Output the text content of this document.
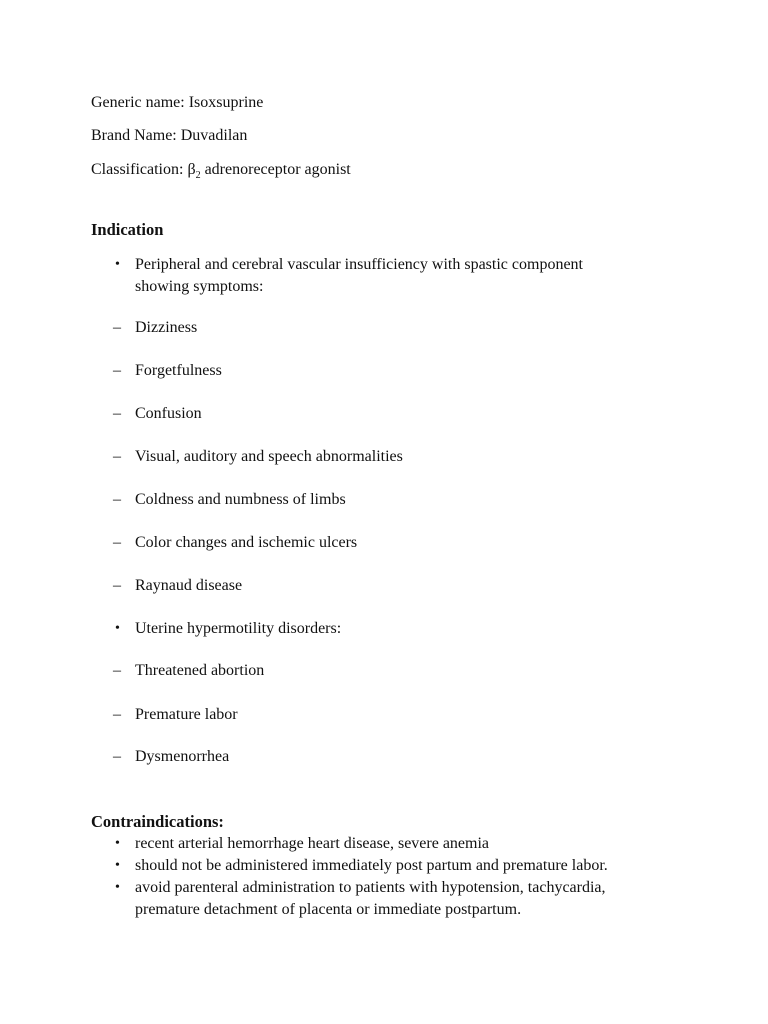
Generic name: Isoxsuprine
Brand Name: Duvadilan
Classification: $\beta_2$ adrenoreceptor agonist
Indication
• Peripheral and cerebral vascular insufficiency with spastic component
showing symptoms:
– Dizziness
– Forgetfulness
– Confusion
– Visual, auditory and speech abnormalities
– Coldness and numbness of limbs
– Color changes and ischemic ulcers
– Raynaud disease
• Uterine hypermotility disorders:
– Threatened abortion
– Premature labor
– Dysmenorrhea
Contraindications:
• recent arterial hemorrhage heart disease, severe anemia
• should not be administered immediately post partum and premature labor.
• avoid parenteral administration to patients with hypotension, tachycardia,
premature detachment of placenta or immediate postpartum.
